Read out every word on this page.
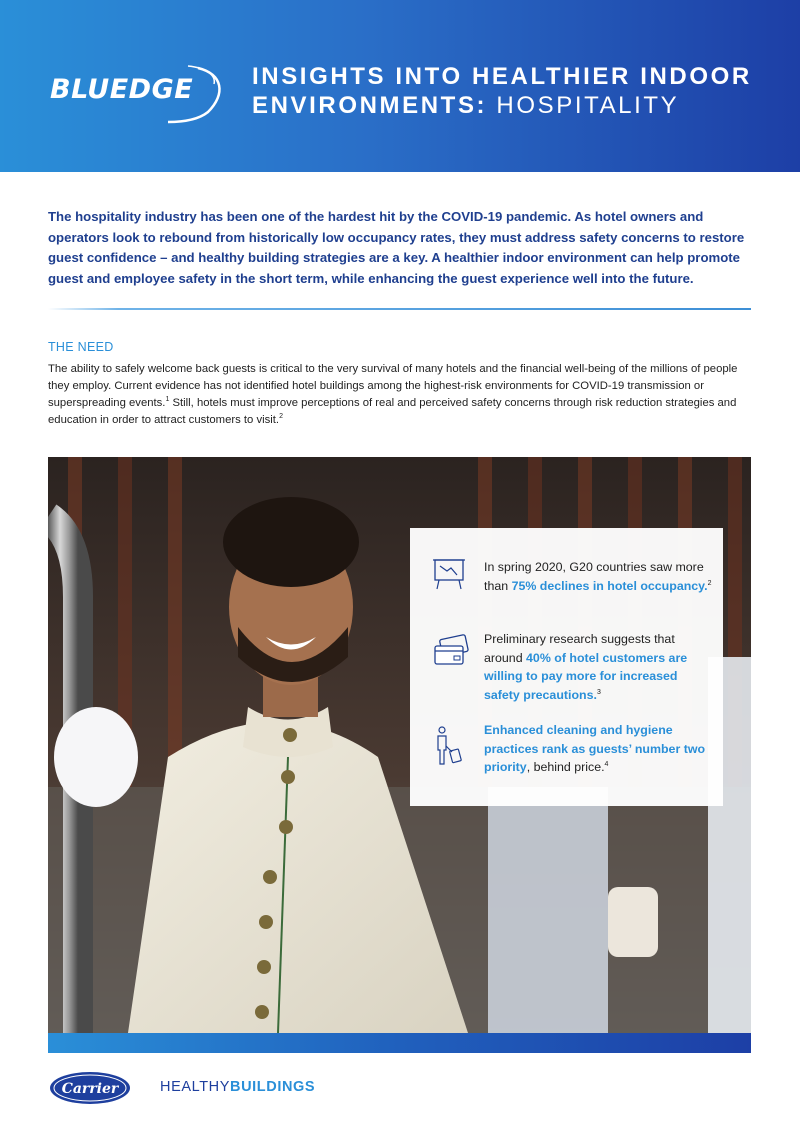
BLUEDGE INSIGHTS INTO HEALTHIER INDOOR
ENVIRONMENTS: HOSPITALITY

The hospitality industry has been one of the hardest hit by the COVID-19 pandemic. As hotel owners and operators look to rebound from historically low occupancy rates, they must address safety concerns to restore guest confidence – and healthy building strategies are a key. A healthier indoor environment can help promote guest and employee safety in the short term, while enhancing the guest experience well into the future.

THE NEED

The ability to safely welcome back guests is critical to the very survival of many hotels and the financial well-being of the millions of people they employ. Current evidence has not identified hotel buildings among the highest-risk environments for COVID-19 transmission or superspreading events.$^1$ Still, hotels must improve perceptions of real and perceived safety concerns through risk reduction strategies and education in order to attract customers to visit.$^2$

In spring 2020, G20 countries saw more than 75% declines in hotel occupancy.$^2$
Preliminary research suggests that around 40% of hotel customers are willing to pay more for increased safety precautions.$^3$
Enhanced cleaning and hygiene practices rank as guests’ number two priority, behind price.$^4$
Carrier	HEALTHYBUILDINGS
